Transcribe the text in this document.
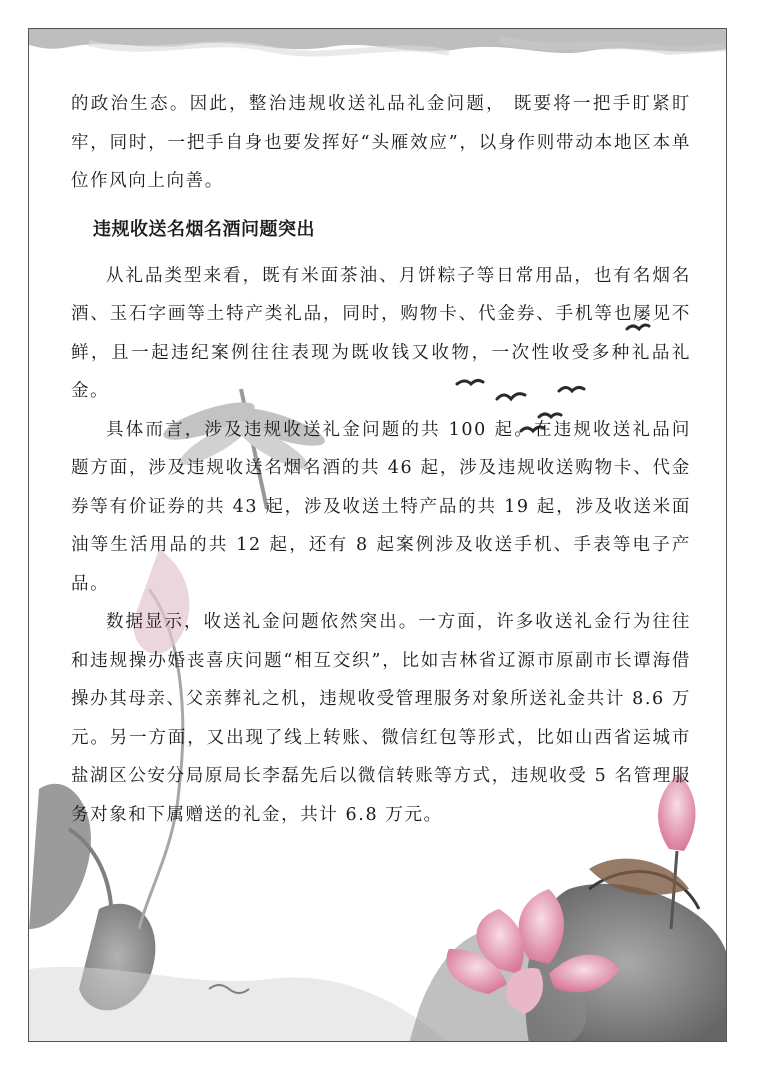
的政治生态。因此，整治违规收送礼品礼金问题， 既要将一把手盯紧盯牢，同时，一把手自身也要发挥好“头雁效应”，以身作则带动本地区本单位作风向上向善。

违规收送名烟名酒问题突出

从礼品类型来看，既有米面茶油、月饼粽子等日常用品，也有名烟名酒、玉石字画等土特产类礼品，同时，购物卡、代金券、手机等也屡见不鲜，且一起违纪案例往往表现为既收钱又收物，一次性收受多种礼品礼金。

具体而言，涉及违规收送礼金问题的共 100 起。在违规收送礼品问题方面，涉及违规收送名烟名酒的共 46 起，涉及违规收送购物卡、代金券等有价证券的共 43 起，涉及收送土特产品的共 19 起，涉及收送米面油等生活用品的共 12 起，还有 8 起案例涉及收送手机、手表等电子产品。

数据显示，收送礼金问题依然突出。一方面，许多收送礼金行为往往和违规操办婚丧喜庆问题“相互交织”，比如吉林省辽源市原副市长谭海借操办其母亲、父亲葬礼之机，违规收受管理服务对象所送礼金共计 8.6 万元。另一方面，又出现了线上转账、微信红包等形式，比如山西省运城市盐湖区公安分局原局长李磊先后以微信转账等方式，违规收受 5 名管理服务对象和下属赠送的礼金，共计 6.8 万元。
